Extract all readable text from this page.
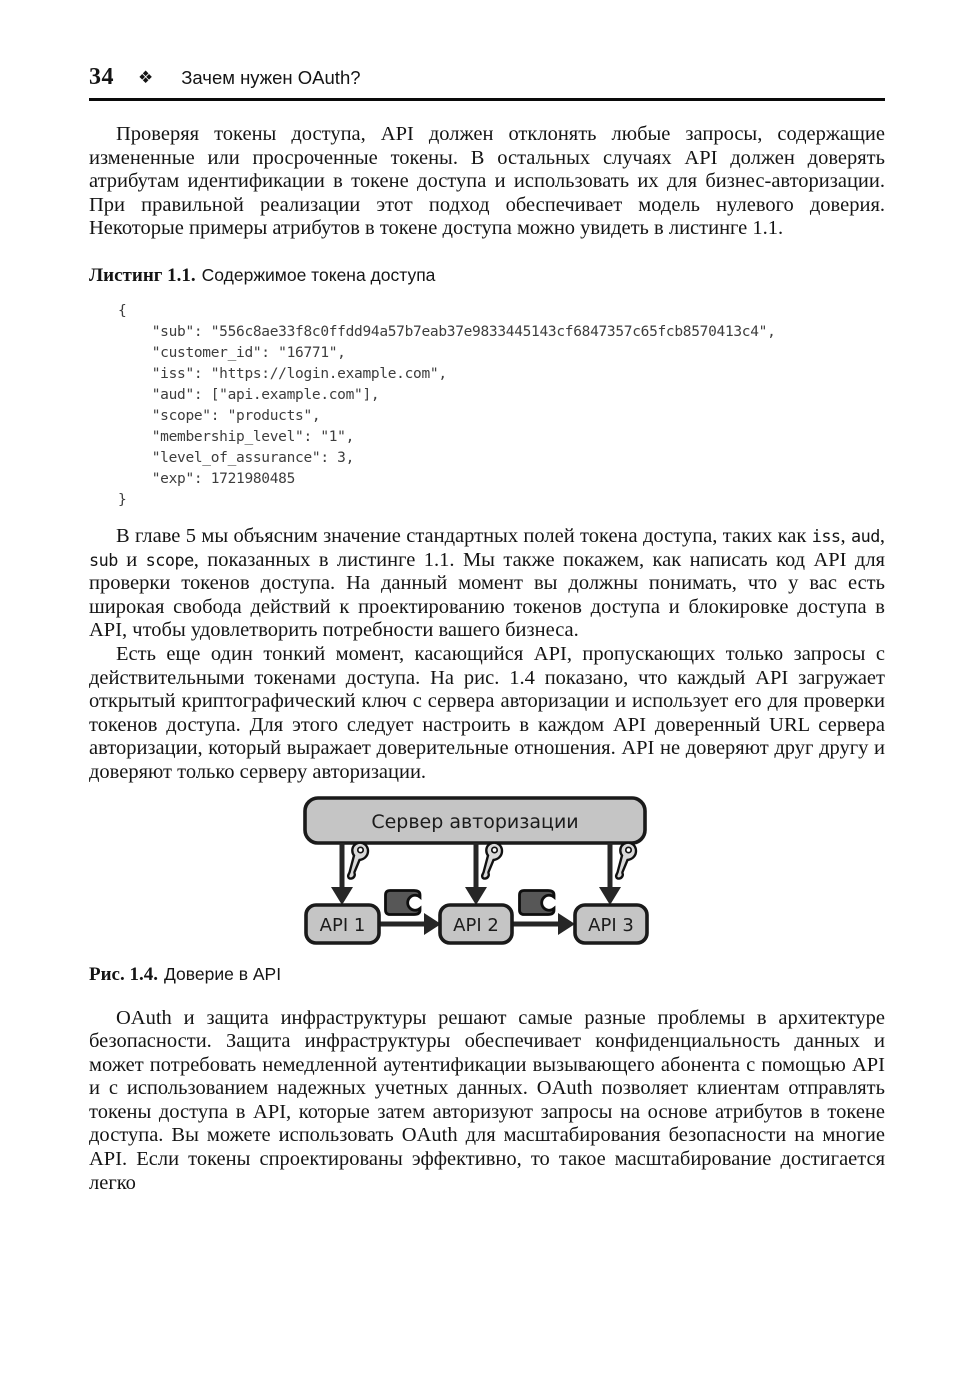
34 ❖ Зачем нужен OAuth?

Проверяя токены доступа, API должен отклонять любые запросы, содержащие измененные или просроченные токены. В остальных случаях API должен доверять атрибутам идентификации в токене доступа и использовать их для бизнес-авторизации. При правильной реализации этот подход обеспечивает модель нулевого доверия. Некоторые примеры атрибутов в токене доступа можно увидеть в листинге 1.1.

Листинг 1.1. Содержимое токена доступа
{
"sub": "556c8ae33f8c0ffdd94a57b7eab37e9833445143cf6847357c65fcb8570413c4",
"customer_id": "16771",
"iss": "https://login.example.com",
"aud": ["api.example.com"],
"scope": "products",
"membership_level": "1",
"level_of_assurance": 3,
"exp": 1721980485
}

В главе 5 мы объясним значение стандартных полей токена доступа, таких как iss, aud, sub и scope, показанных в листинге 1.1. Мы также покажем, как написать код API для проверки токенов доступа. На данный момент вы должны понимать, что у вас есть широкая свобода действий к проектированию токенов доступа и блокировке доступа в API, чтобы удовлетворить потребности вашего бизнеса.

Есть еще один тонкий момент, касающийся API, пропускающих только запросы с действительными токенами доступа. На рис. 1.4 показано, что каждый API загружает открытый криптографический ключ с сервера авторизации и использует его для проверки токенов доступа. Для этого следует настроить в каждом API доверенный URL сервера авторизации, который выражает доверительные отношения. API не доверяют друг другу и доверяют только серверу авторизации.

Сервер авторизации
API 1	API 2	API 3
Рис. 1.4. Доверие в API

OAuth и защита инфраструктуры решают самые разные проблемы в архитектуре безопасности. Защита инфраструктуры обеспечивает конфиденциальность данных и может потребовать немедленной аутентификации вызывающего абонента с помощью API и с использованием надежных учетных данных. OAuth позволяет клиентам отправлять токены доступа в API, которые затем авторизуют запросы на основе атрибутов в токене доступа. Вы можете использовать OAuth для масштабирования безопасности на многие API. Если токены спроектированы эффективно, то такое масштабирование достигается легко
